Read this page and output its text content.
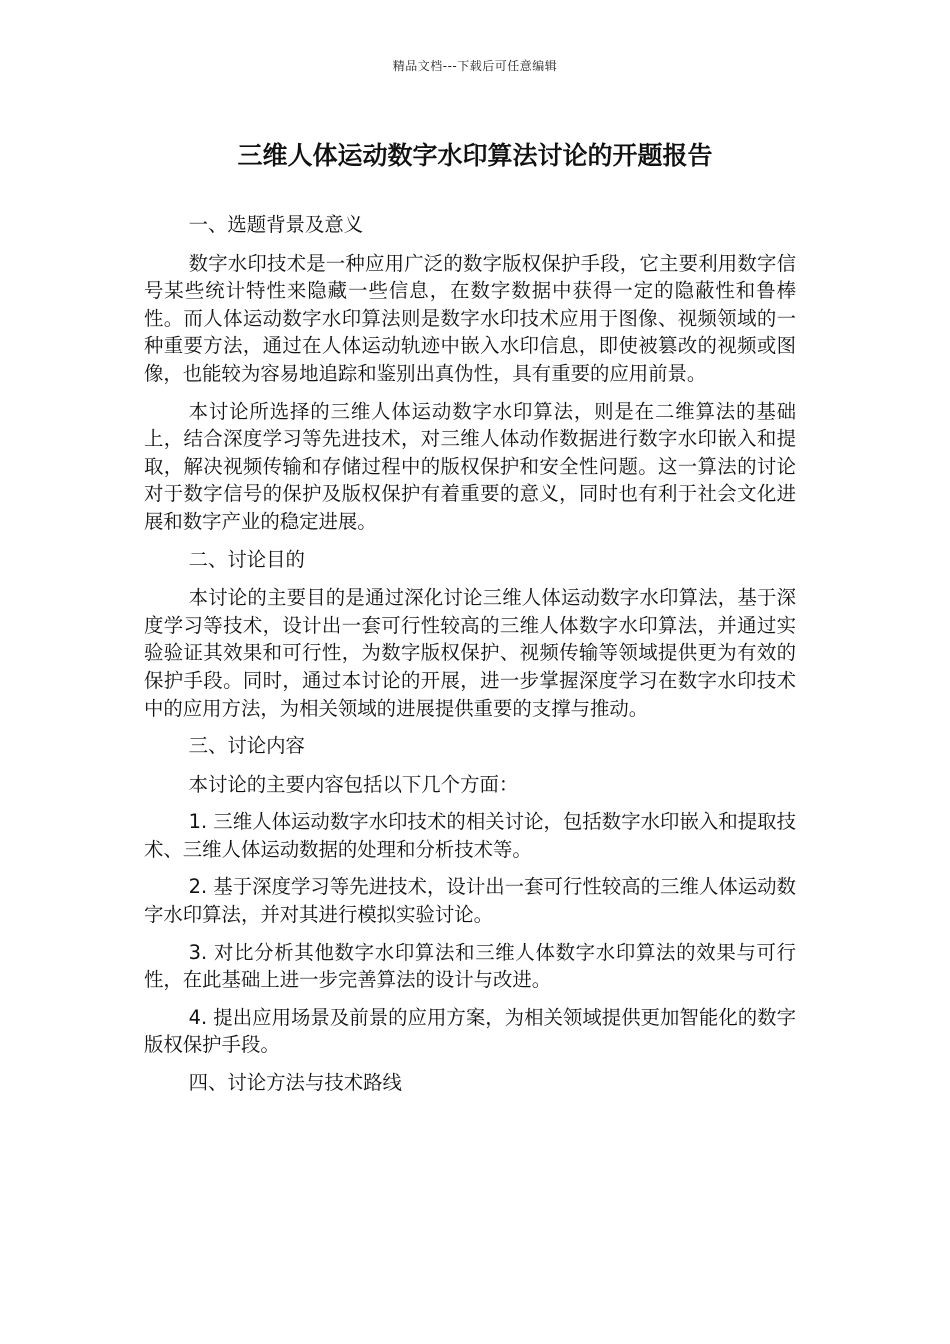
精品文档---下载后可任意编辑
三维人体运动数字水印算法讨论的开题报告

一、选题背景及意义

数字水印技术是一种应用广泛的数字版权保护手段，它主要利用数字信号某些统计特性来隐藏一些信息，在数字数据中获得一定的隐蔽性和鲁棒性。而人体运动数字水印算法则是数字水印技术应用于图像、视频领域的一种重要方法，通过在人体运动轨迹中嵌入水印信息，即使被篡改的视频或图像，也能较为容易地追踪和鉴别出真伪性，具有重要的应用前景。

本讨论所选择的三维人体运动数字水印算法，则是在二维算法的基础上，结合深度学习等先进技术，对三维人体动作数据进行数字水印嵌入和提取，解决视频传输和存储过程中的版权保护和安全性问题。这一算法的讨论对于数字信号的保护及版权保护有着重要的意义，同时也有利于社会文化进展和数字产业的稳定进展。

二、讨论目的

本讨论的主要目的是通过深化讨论三维人体运动数字水印算法，基于深度学习等技术，设计出一套可行性较高的三维人体数字水印算法，并通过实验验证其效果和可行性，为数字版权保护、视频传输等领域提供更为有效的保护手段。同时，通过本讨论的开展，进一步掌握深度学习在数字水印技术中的应用方法，为相关领域的进展提供重要的支撑与推动。

三、讨论内容

本讨论的主要内容包括以下几个方面：

1. 三维人体运动数字水印技术的相关讨论，包括数字水印嵌入和提取技术、三维人体运动数据的处理和分析技术等。

2. 基于深度学习等先进技术，设计出一套可行性较高的三维人体运动数字水印算法，并对其进行模拟实验讨论。

3. 对比分析其他数字水印算法和三维人体数字水印算法的效果与可行性，在此基础上进一步完善算法的设计与改进。

4. 提出应用场景及前景的应用方案，为相关领域提供更加智能化的数字版权保护手段。

四、讨论方法与技术路线
